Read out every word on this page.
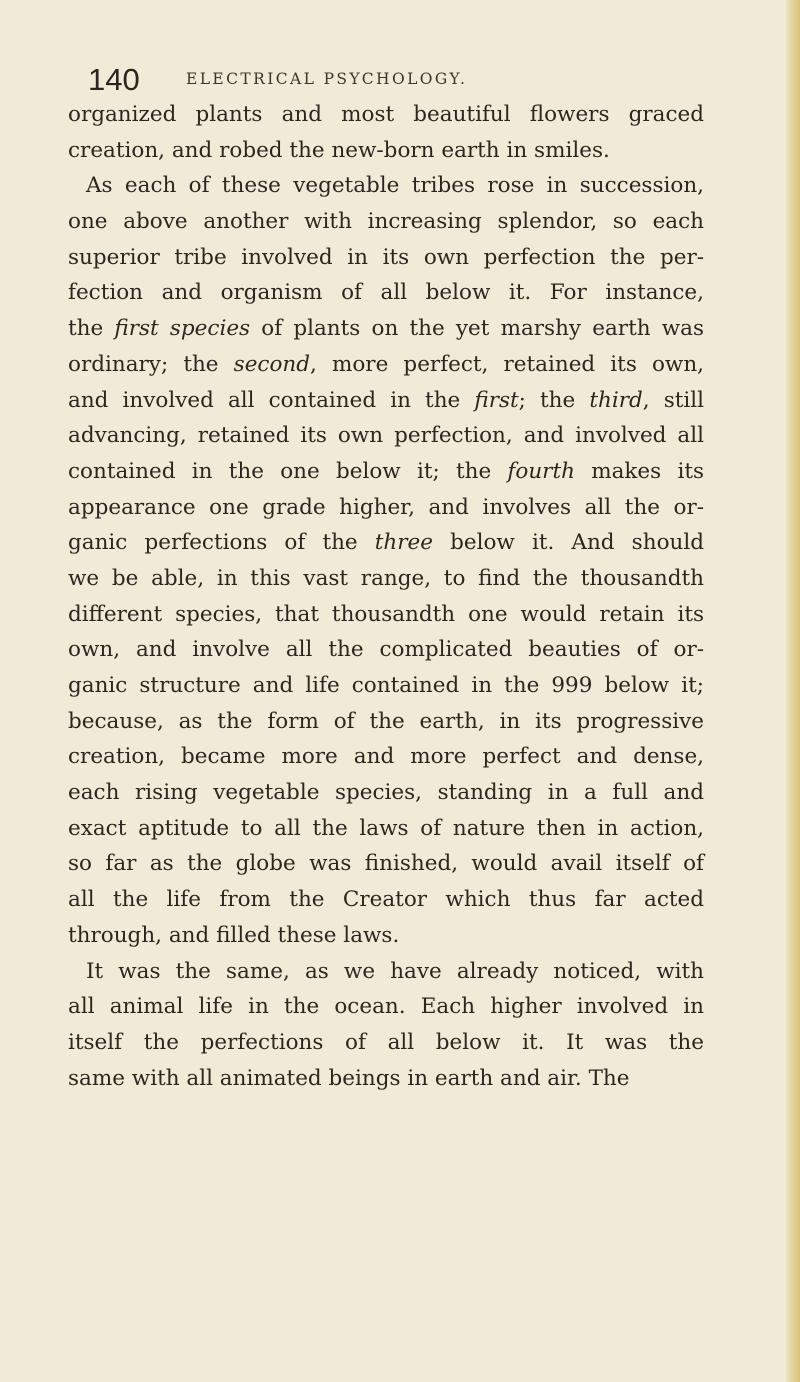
140	ELECTRICAL PSYCHOLOGY.
organized plants and most beautiful flowers graced
creation, and robed the new-born earth in smiles.
As each of these vegetable tribes rose in succession,
one above another with increasing splendor, so each
superior tribe involved in its own perfection the per-
fection and organism of all below it. For instance,
the first species of plants on the yet marshy earth was
ordinary; the second, more perfect, retained its own,
and involved all contained in the first; the third, still
advancing, retained its own perfection, and involved all
contained in the one below it; the fourth makes its
appearance one grade higher, and involves all the or-
ganic perfections of the three below it. And should
we be able, in this vast range, to find the thousandth
different species, that thousandth one would retain its
own, and involve all the complicated beauties of or-
ganic structure and life contained in the 999 below it;
because, as the form of the earth, in its progressive
creation, became more and more perfect and dense,
each rising vegetable species, standing in a full and
exact aptitude to all the laws of nature then in action,
so far as the globe was finished, would avail itself of
all the life from the Creator which thus far acted
through, and filled these laws.
It was the same, as we have already noticed, with
all animal life in the ocean. Each higher involved in
itself the perfections of all below it. It was the
same with all animated beings in earth and air. The
